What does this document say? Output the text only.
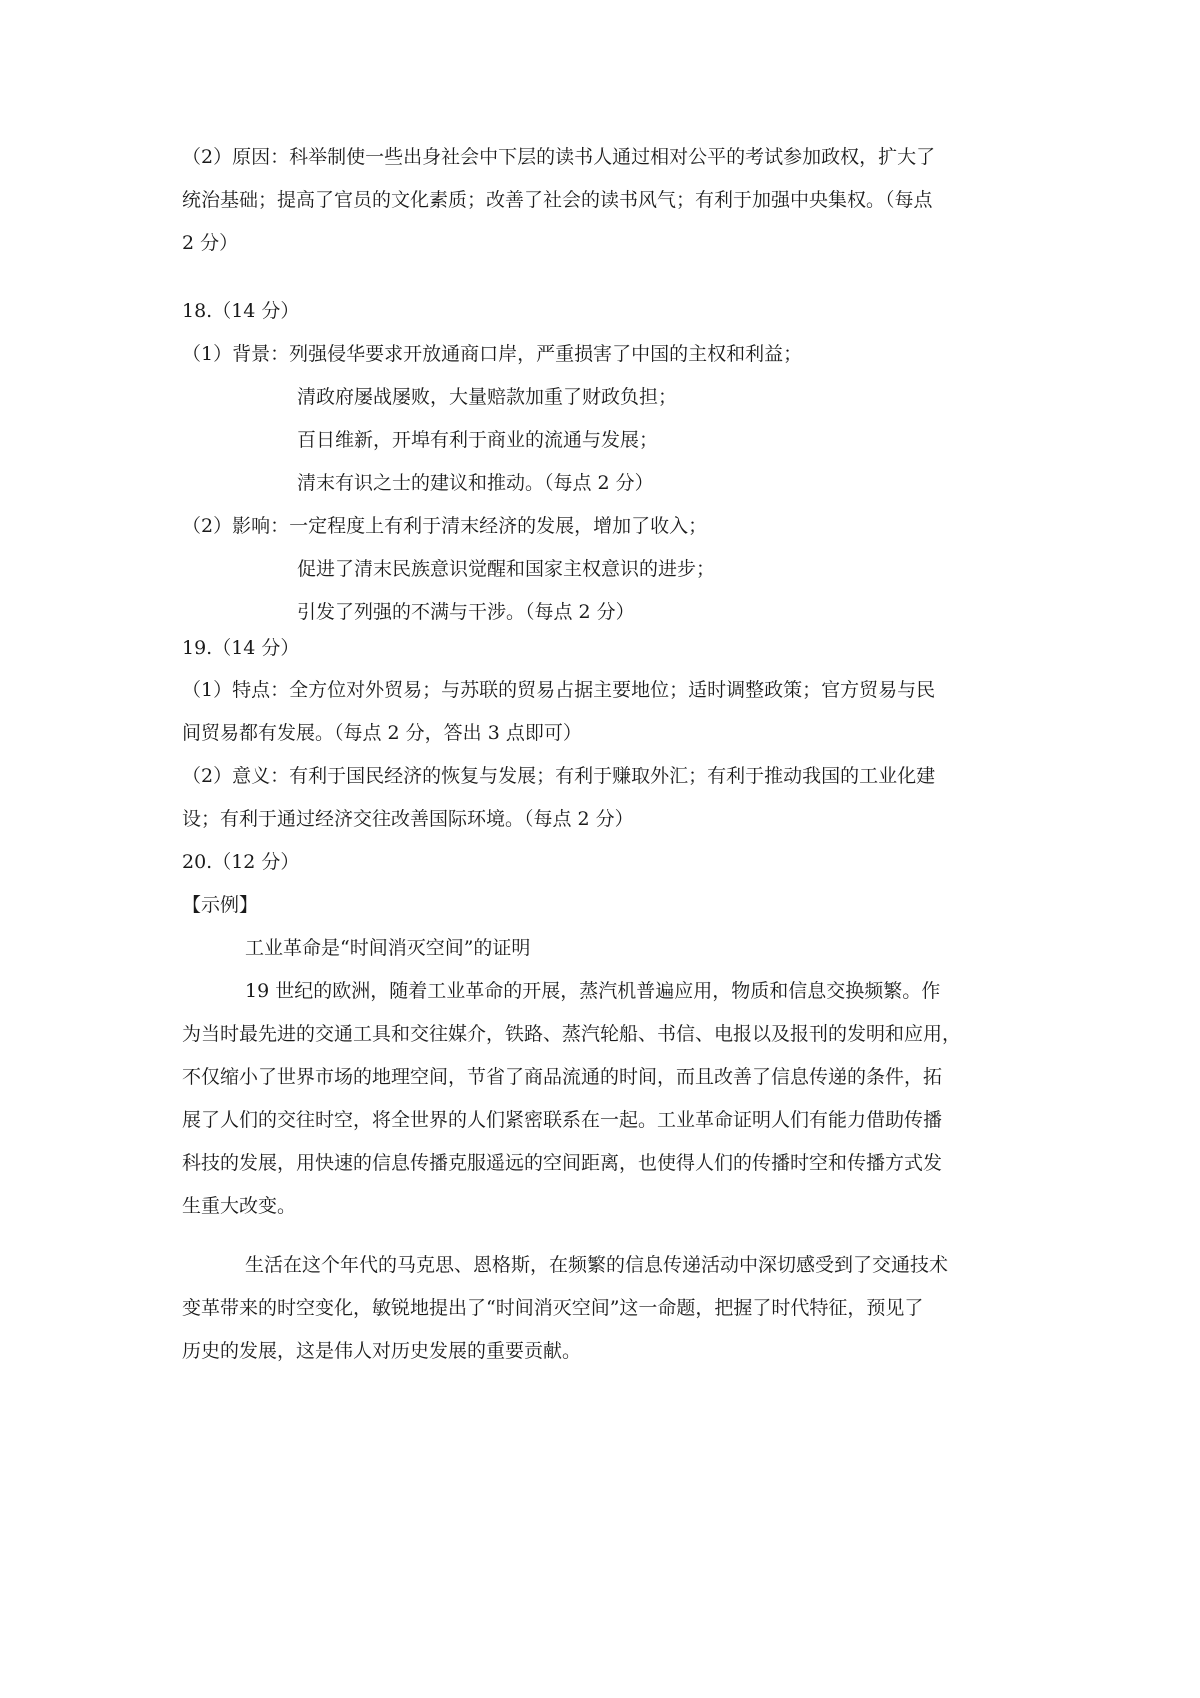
（2）原因：科举制使一些出身社会中下层的读书人通过相对公平的考试参加政权，扩大了
统治基础；提高了官员的文化素质；改善了社会的读书风气；有利于加强中央集权。（每点
2 分）
18.（14 分）
（1）背景：列强侵华要求开放通商口岸，严重损害了中国的主权和利益；
清政府屡战屡败，大量赔款加重了财政负担；
百日维新，开埠有利于商业的流通与发展；
清末有识之士的建议和推动。（每点 2 分）
（2）影响：一定程度上有利于清末经济的发展，增加了收入；
促进了清末民族意识觉醒和国家主权意识的进步；
引发了列强的不满与干涉。（每点 2 分）
19.（14 分）
（1）特点：全方位对外贸易；与苏联的贸易占据主要地位；适时调整政策；官方贸易与民
间贸易都有发展。（每点 2 分，答出 3 点即可）
（2）意义：有利于国民经济的恢复与发展；有利于赚取外汇；有利于推动我国的工业化建
设；有利于通过经济交往改善国际环境。（每点 2 分）
20.（12 分）
【示例】
工业革命是“时间消灭空间”的证明
19 世纪的欧洲，随着工业革命的开展，蒸汽机普遍应用，物质和信息交换频繁。作
为当时最先进的交通工具和交往媒介，铁路、蒸汽轮船、书信、电报以及报刊的发明和应用，
不仅缩小了世界市场的地理空间，节省了商品流通的时间，而且改善了信息传递的条件，拓
展了人们的交往时空，将全世界的人们紧密联系在一起。工业革命证明人们有能力借助传播
科技的发展，用快速的信息传播克服遥远的空间距离，也使得人们的传播时空和传播方式发
生重大改变。
生活在这个年代的马克思、恩格斯，在频繁的信息传递活动中深切感受到了交通技术
变革带来的时空变化，敏锐地提出了“时间消灭空间”这一命题，把握了时代特征，预见了
历史的发展，这是伟人对历史发展的重要贡献。
